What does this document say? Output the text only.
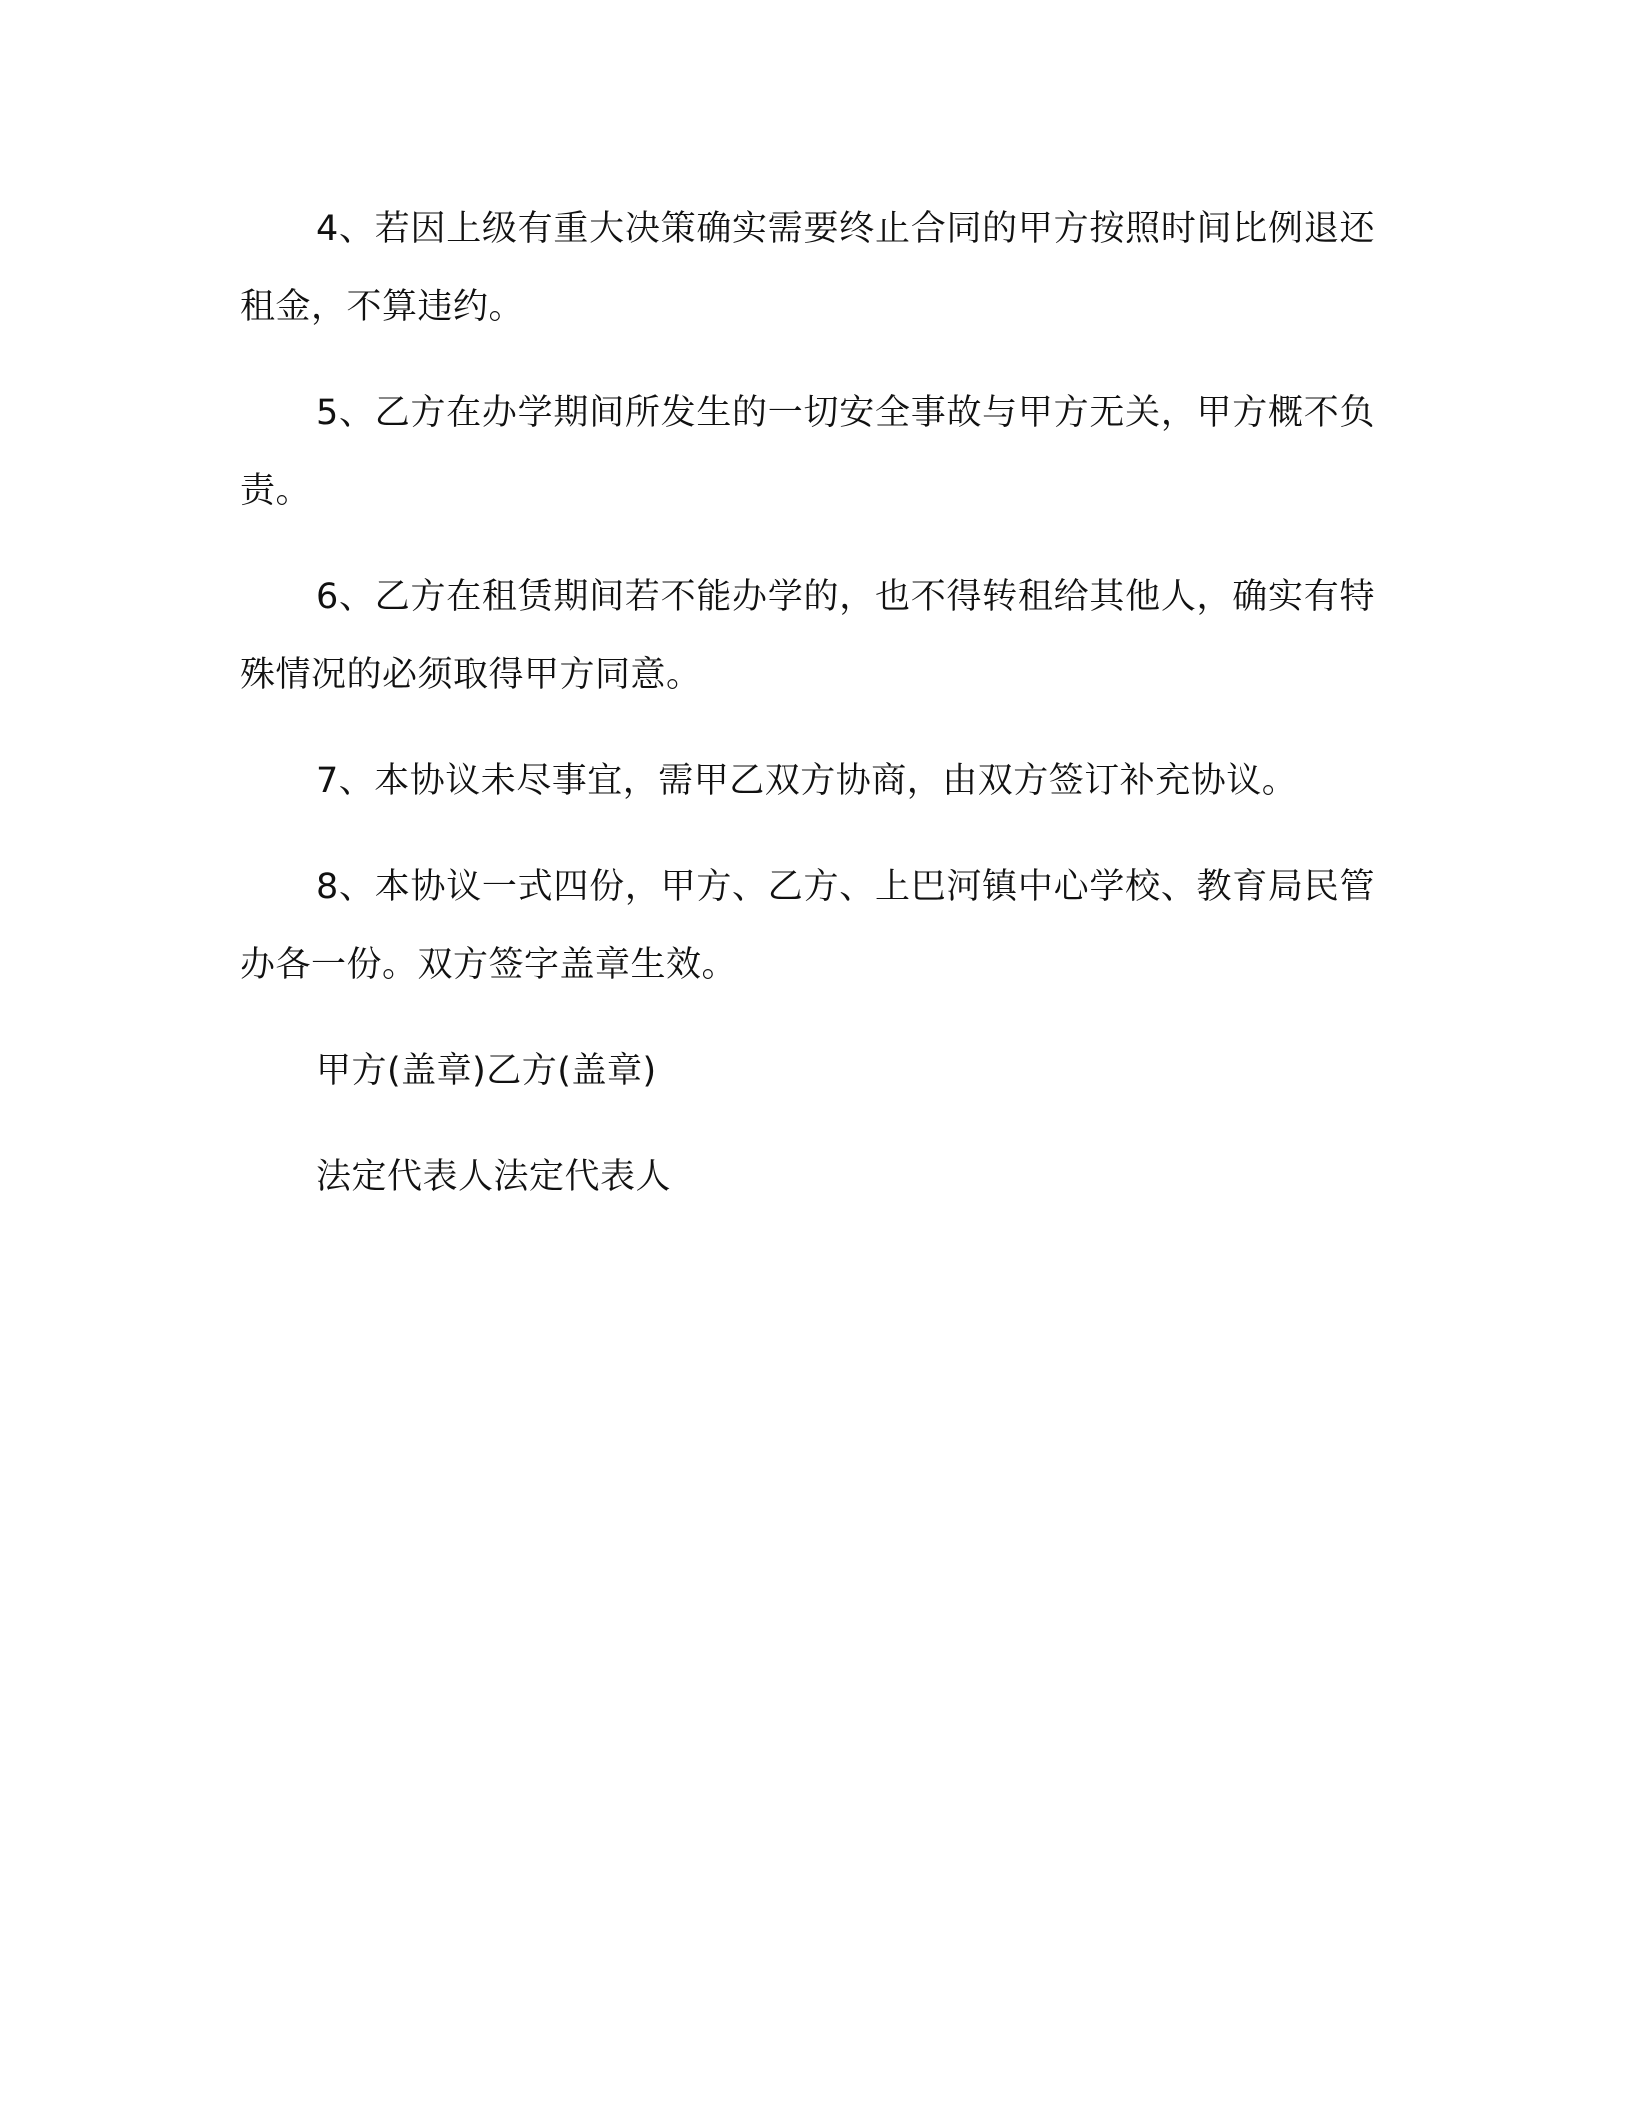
4、若因上级有重大决策确实需要终止合同的甲方按照时间比例退还租金，不算违约。

5、乙方在办学期间所发生的一切安全事故与甲方无关，甲方概不负责。

6、乙方在租赁期间若不能办学的，也不得转租给其他人，确实有特殊情况的必须取得甲方同意。

7、本协议未尽事宜，需甲乙双方协商，由双方签订补充协议。

8、本协议一式四份，甲方、乙方、上巴河镇中心学校、教育局民管办各一份。双方签字盖章生效。

甲方(盖章)乙方(盖章)

法定代表人法定代表人
